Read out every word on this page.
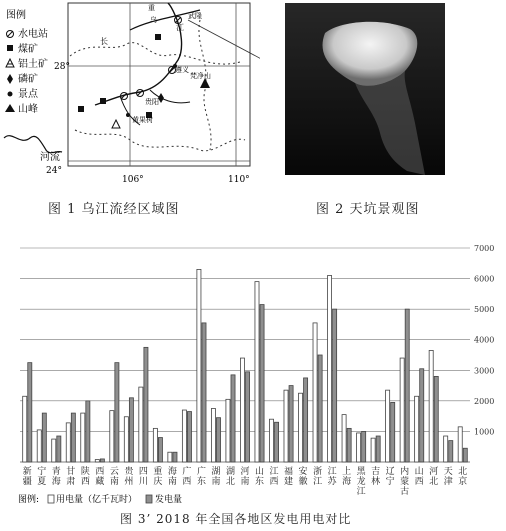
乌
江
长
遵义
梵净山
贵阳
黄果树
武隆
重
28°
24°
106°	110°
图例
水电站
煤矿
铝土矿
磷矿
景点
山峰
河流
图 1 乌江流经区域图	图 2 天坑景观图
1000
2000
3000
4000
5000
6000
7000
新疆
宁夏
青海
甘肃
陕西
西藏
云南
贵州
四川
重庆
海南
广西
广东
湖南
湖北
河南
山东
江西
福建
安徽
浙江
江苏
上海
黑龙江
吉林
辽宁
内蒙古
山西
河北
天津
北京
图例: 用电量（亿千瓦时） 发电量
图 3’ 2018 年全国各地区发电用电对比
